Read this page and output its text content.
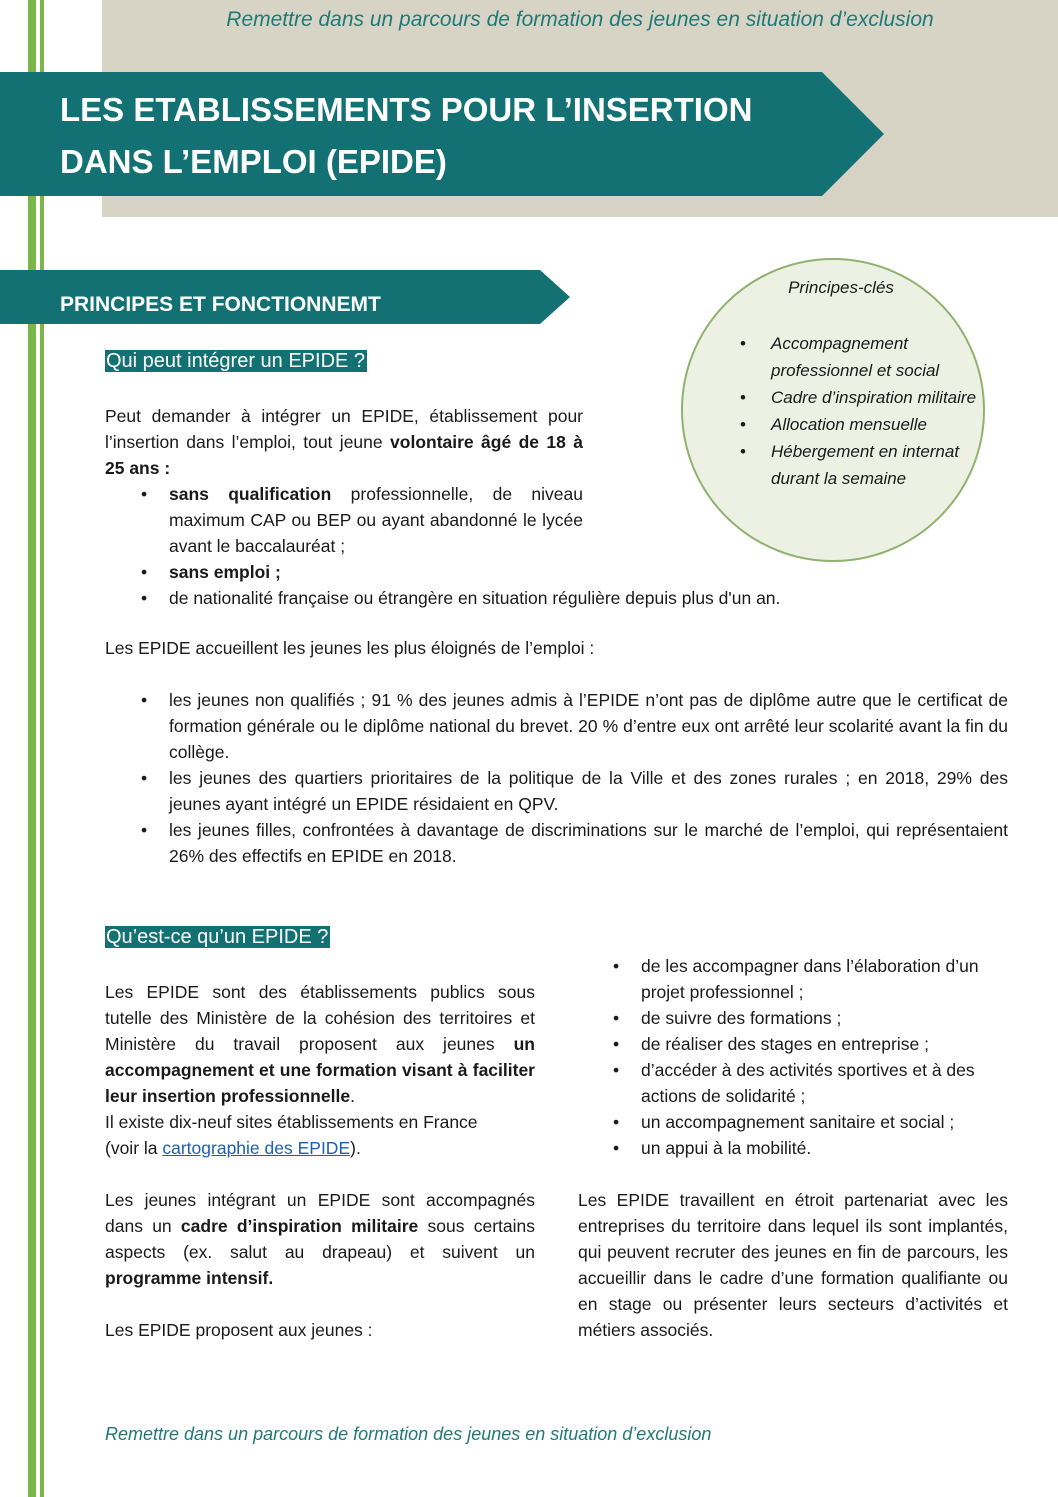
Remettre dans un parcours de formation des jeunes en situation d’exclusion
LES ETABLISSEMENTS POUR L’INSERTION
DANS L’EMPLOI (EPIDE)
PRINCIPES ET FONCTIONNEMT
Principes-clés
• Accompagnement professionnel et social
• Cadre d’inspiration militaire
• Allocation mensuelle
• Hébergement en internat durant la semaine
Qui peut intégrer un EPIDE ?
Peut demander à intégrer un EPIDE, établissement pour l’insertion dans l’emploi, tout jeune volontaire âgé de 18 à 25 ans :
• sans qualification professionnelle, de niveau maximum CAP ou BEP ou ayant abandonné le lycée avant le baccalauréat ;
• sans emploi ;
• de nationalité française ou étrangère en situation régulière depuis plus d'un an.
Les EPIDE accueillent les jeunes les plus éloignés de l’emploi :
• les jeunes non qualifiés ; 91 % des jeunes admis à l’EPIDE n’ont pas de diplôme autre que le certificat de formation générale ou le diplôme national du brevet. 20 % d’entre eux ont arrêté leur scolarité avant la fin du collège.
• les jeunes des quartiers prioritaires de la politique de la Ville et des zones rurales ; en 2018, 29% des jeunes ayant intégré un EPIDE résidaient en QPV.
• les jeunes filles, confrontées à davantage de discriminations sur le marché de l’emploi, qui représentaient 26% des effectifs en EPIDE en 2018.
Qu’est-ce qu’un EPIDE ?
Les EPIDE sont des établissements publics sous tutelle des Ministère de la cohésion des territoires et Ministère du travail proposent aux jeunes un accompagnement et une formation visant à faciliter leur insertion professionnelle.
Il existe dix-neuf sites établissements en France
(voir la cartographie des EPIDE).
Les jeunes intégrant un EPIDE sont accompagnés dans un cadre d’inspiration militaire sous certains aspects (ex. salut au drapeau) et suivent un programme intensif.
Les EPIDE proposent aux jeunes :
• de les accompagner dans l’élaboration d’un projet professionnel ;
• de suivre des formations ;
• de réaliser des stages en entreprise ;
• d’accéder à des activités sportives et à des actions de solidarité ;
• un accompagnement sanitaire et social ;
• un appui à la mobilité.
Les EPIDE travaillent en étroit partenariat avec les entreprises du territoire dans lequel ils sont implantés, qui peuvent recruter des jeunes en fin de parcours, les accueillir dans le cadre d’une formation qualifiante ou en stage ou présenter leurs secteurs d’activités et métiers associés.
Remettre dans un parcours de formation des jeunes en situation d’exclusion
